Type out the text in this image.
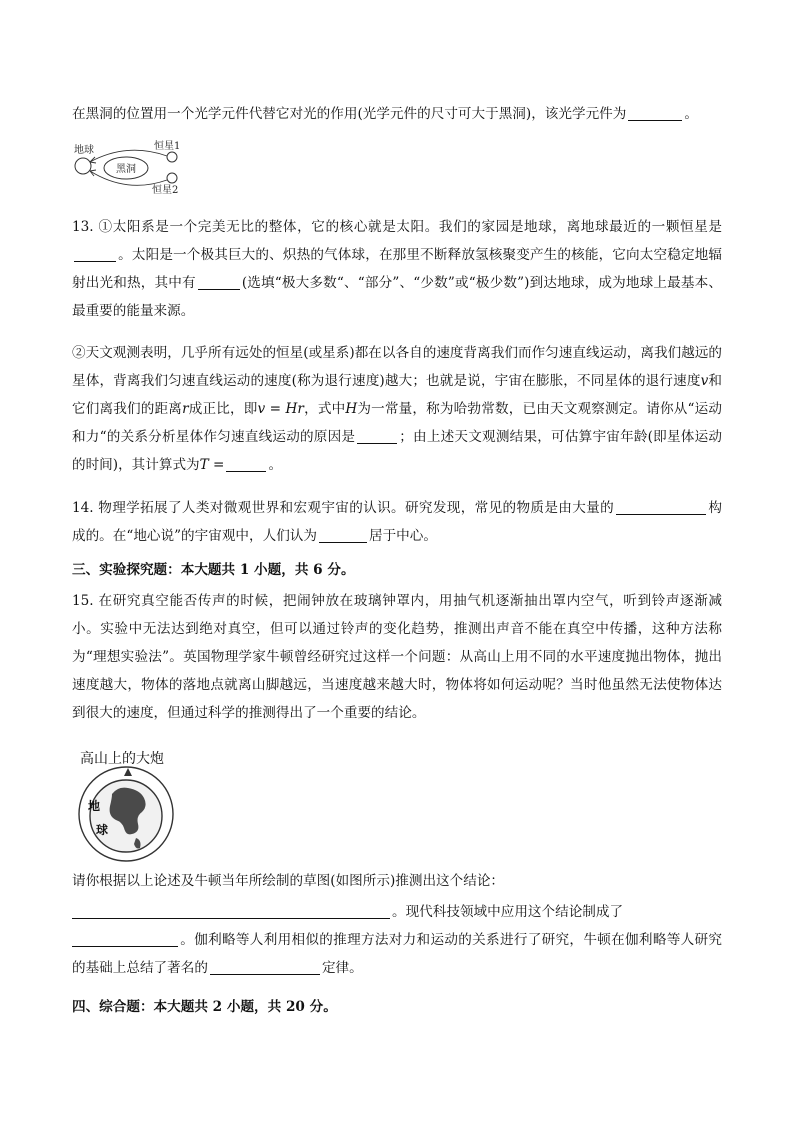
在黑洞的位置用一个光学元件代替它对光的作用(光学元件的尺寸可大于黑洞)，该光学元件为	。

黑洞
地球	恒星1
恒星2

13. ①太阳系是一个完美无比的整体，它的核心就是太阳。我们的家园是地球，离地球最近的一颗恒星是。太阳是一个极其巨大的、炽热的气体球，在那里不断释放氢核聚变产生的核能，它向太空稳定地辐射出光和热，其中有	(选填“极大多数“、“部分”、“少数”或“极少数”)到达地球，成为地球上最基本、最重要的能量来源。

②天文观测表明，几乎所有远处的恒星(或星系)都在以各自的速度背离我们而作匀速直线运动，离我们越远的星体，背离我们匀速直线运动的速度(称为退行速度)越大；也就是说，宇宙在膨胀，不同星体的退行速度v和它们离我们的距离r成正比，即v = Hr，式中H为一常量，称为哈勃常数，已由天文观察测定。请你从“运动和力“的关系分析星体作匀速直线运动的原因是	；由上述天文观测结果，可估算宇宙年龄(即星体运动的时间)，其计算式为T =	。

14. 物理学拓展了人类对微观世界和宏观宇宙的认识。研究发现，常见的物质是由大量的	构成的。在“地心说”的宇宙观中，人们认为	居于中心。

三、实验探究题：本大题共 1 小题，共 6 分。

15. 在研究真空能否传声的时候，把闹钟放在玻璃钟罩内，用抽气机逐渐抽出罩内空气，听到铃声逐渐减小。实验中无法达到绝对真空，但可以通过铃声的变化趋势，推测出声音不能在真空中传播，这种方法称为“理想实验法”。英国物理学家牛顿曾经研究过这样一个问题：从高山上用不同的水平速度抛出物体，抛出速度越大，物体的落地点就离山脚越远，当速度越来越大时，物体将如何运动呢？当时他虽然无法使物体达到很大的速度，但通过科学的推测得出了一个重要的结论。

高山上的大炮
地
球

请你根据以上论述及牛顿当年所绘制的草图(如图所示)推测出这个结论：

。现代科技领域中应用这个结论制成了
。伽利略等人利用相似的推理方法对力和运动的关系进行了研究，牛顿在伽利略等人研究的基础上总结了著名的	定律。

四、综合题：本大题共 2 小题，共 20 分。
